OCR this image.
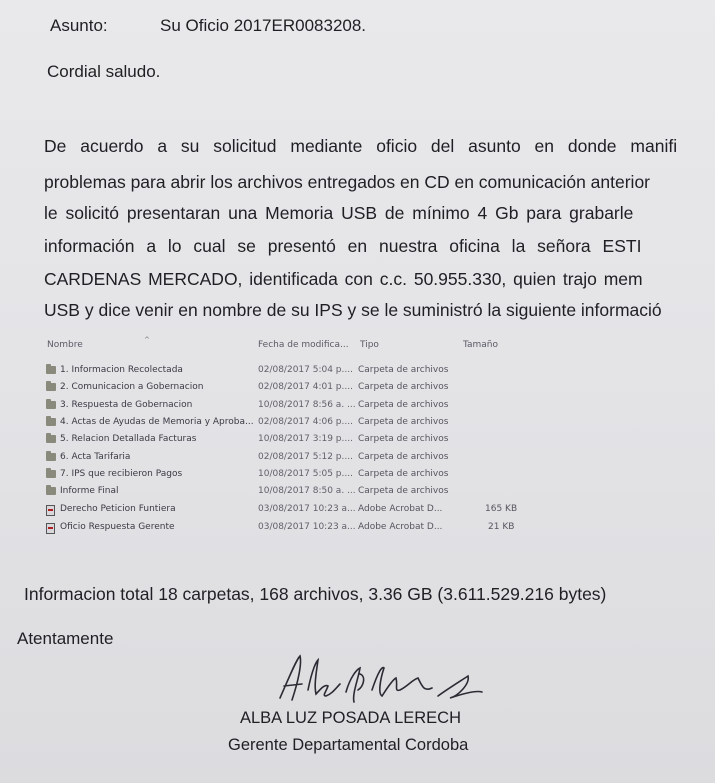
Asunto:	Su Oficio 2017ER0083208.
Cordial saludo.
De acuerdo a su solicitud mediante oficio del asunto en donde manifi
problemas para abrir los archivos entregados en CD en comunicación anterior
le solicitó presentaran una Memoria USB de mínimo 4 Gb para grabarle
información a lo cual se presentó en nuestra oficina la señora ESTI
CARDENAS MERCADO, identificada con c.c. 50.955.330, quien trajo mem
USB y dice venir en nombre de su IPS y se le suministró la siguiente informació
Nombre	^	Fecha de modifica... Tipo	Tamaño
1. Informacion Recolectada	02/08/2017 5:04 p.... Carpeta de archivos
2. Comunicacion a Gobernacion	02/08/2017 4:01 p.... Carpeta de archivos
3. Respuesta de Gobernacion	10/08/2017 8:56 a. ... Carpeta de archivos
4. Actas de Ayudas de Memoria y Aproba... 02/08/2017 4:06 p.... Carpeta de archivos
5. Relacion Detallada Facturas	10/08/2017 3:19 p.... Carpeta de archivos
6. Acta Tarifaria	02/08/2017 5:12 p.... Carpeta de archivos
7. IPS que recibieron Pagos	10/08/2017 5:05 p.... Carpeta de archivos
Informe Final	10/08/2017 8:50 a. ... Carpeta de archivos
Derecho Peticion Funtiera	03/08/2017 10:23 a... Adobe Acrobat D...	165 KB
Oficio Respuesta Gerente	03/08/2017 10:23 a... Adobe Acrobat D...	21 KB
Informacion total 18 carpetas, 168 archivos, 3.36 GB (3.611.529.216 bytes)
Atentamente
ALBA LUZ POSADA LERECH
Gerente Departamental Cordoba
